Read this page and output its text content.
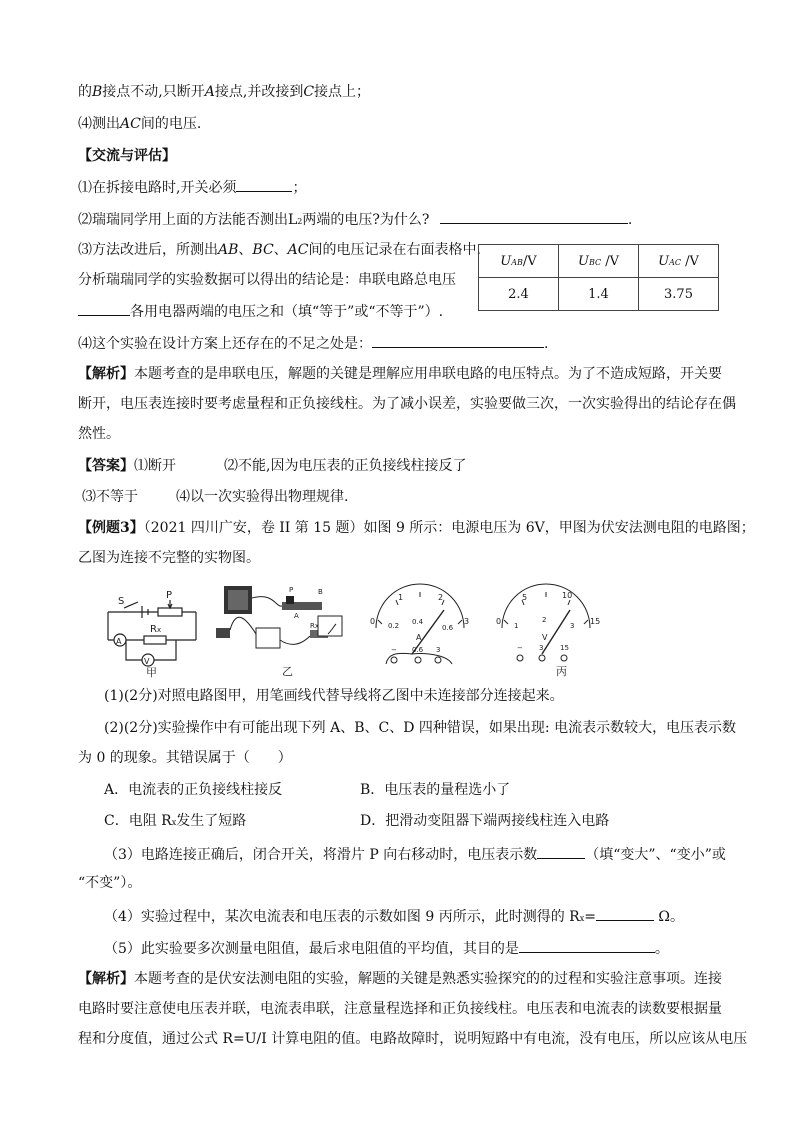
的B接点不动,只断开A接点,并改接到C接点上；
⑷测出AC间的电压.
【交流与评估】
⑴在拆接电路时,开关必须	；
⑵瑞瑞同学用上面的方法能否测出L2两端的电压?为什么?	.
⑶方法改进后，所测出AB、BC、AC间的电压记录在右面表格中.
分析瑞瑞同学的实验数据可以得出的结论是：串联电路总电压
各用电器两端的电压之和（填“等于”或“不等于”）.
UAB/V	UBC /V	UAC /V
2.4	1.4	3.75
⑷这个实验在设计方案上还存在的不足之处是：	.
【解析】本题考查的是串联电压，解题的关键是理解应用串联电路的电压特点。为了不造成短路，开关要
断开，电压表连接时要考虑量程和正负接线柱。为了减小误差，实验要做三次，一次实验得出的结论存在偶
然性。
【答案】⑴断开	⑵不能,因为电压表的正负接线柱接反了
⑶不等于	⑷以一次实验得出物理规律.
【例题3】（2021 四川广安，卷 II 第 15 题）如图 9 所示：电源电压为 6V，甲图为伏安法测电阻的电路图；
乙图为连接不完整的实物图。
S
P
A
Rx
V
甲
P
A
B
Rx
乙
0
1	2
3
0.2 0.4
0.6
A
− 0.6 3
0
5	10
15
1
2
3
V
− 3 15
丙
(1)(2分)对照电路图甲，用笔画线代替导线将乙图中未连接部分连接起来。
(2)(2分)实验操作中有可能出现下列 A、B、C、D 四种错误，如果出现: 电流表示数较大，电压表示数
为 0 的现象。其错误属于（　　）
A．电流表的正负接线柱接反	B．电压表的量程选小了
C．电阻 Rx发生了短路	D．把滑动变阻器下端两接线柱连入电路
（3）电路连接正确后，闭合开关，将滑片 P 向右移动时，电压表示数	（填“变大”、“变小”或
“不变”）。
（4）实验过程中，某次电流表和电压表的示数如图 9 丙所示，此时测得的 Rx=	Ω。
（5）此实验要多次测量电阻值，最后求电阻值的平均值，其目的是	。
【解析】本题考查的是伏安法测电阻的实验，解题的关键是熟悉实验探究的的过程和实验注意事项。连接
电路时要注意使电压表并联，电流表串联，注意量程选择和正负接线柱。电压表和电流表的读数要根据量
程和分度值，通过公式 R=U/I 计算电阻的值。电路故障时，说明短路中有电流，没有电压，所以应该从电压
